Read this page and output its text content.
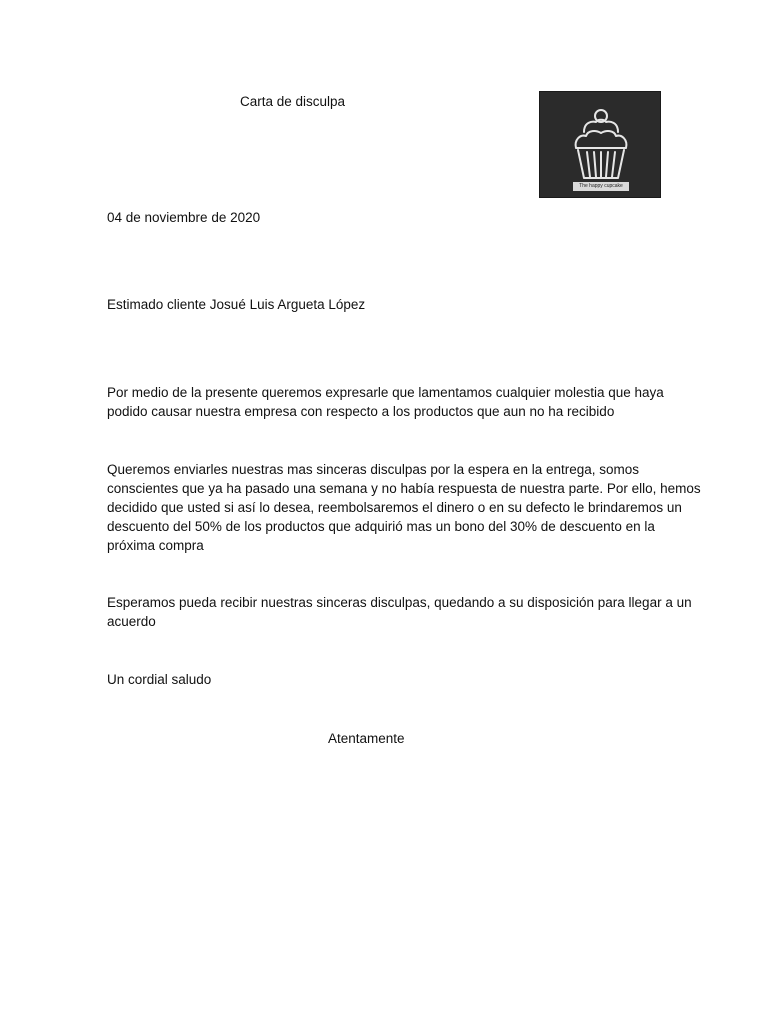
Carta de disculpa
The happy cupcake
04 de noviembre de 2020
Estimado cliente Josué Luis Argueta López

Por medio de la presente queremos expresarle que lamentamos cualquier molestia que haya

podido causar nuestra empresa con respecto a los productos que aun no ha recibido

Queremos enviarles nuestras mas sinceras disculpas por la espera en la entrega, somos

conscientes que ya ha pasado una semana y no había respuesta de nuestra parte. Por ello, hemos

decidido que usted si así lo desea, reembolsaremos el dinero o en su defecto le brindaremos un

descuento del 50% de los productos que adquirió mas un bono del 30% de descuento en la

próxima compra

Esperamos pueda recibir nuestras sinceras disculpas, quedando a su disposición para llegar a un

acuerdo

Un cordial saludo
Atentamente
